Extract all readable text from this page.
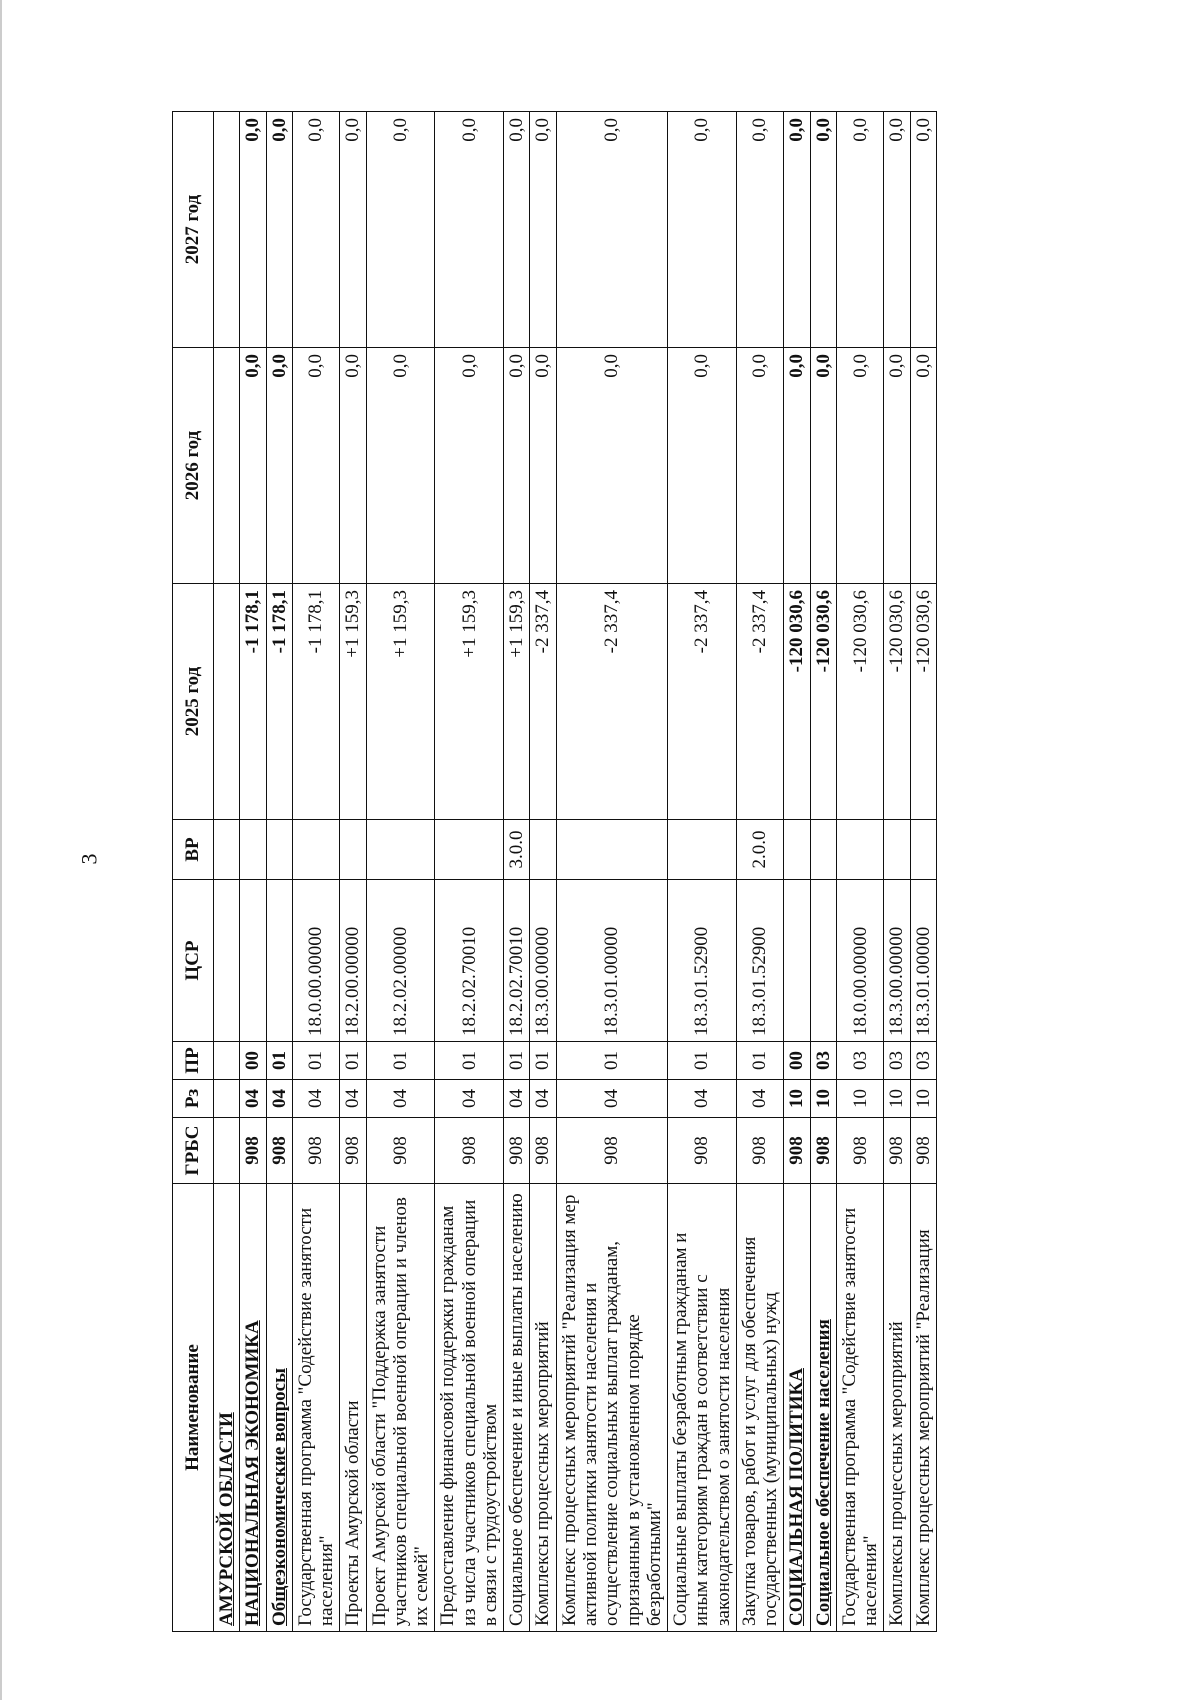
3
Наименование	ГРБС	Рз	ПР	ЦСР	ВР	2025 год	2026 год	2027 год
АМУРСКОЙ ОБЛАСТИ								
НАЦИОНАЛЬНАЯ ЭКОНОМИКА	908	04	00			-1 178,1	0,0	0,0
Общеэкономические вопросы	908	04	01			-1 178,1	0,0	0,0
Государственная программа "Содействие занятости населения"	908	04	01	18.0.00.00000		-1 178,1	0,0	0,0
Проекты Амурской области	908	04	01	18.2.00.00000		+1 159,3	0,0	0,0
Проект Амурской области "Поддержка занятости участников специальной военной операции и членов их семей"	908	04	01	18.2.02.00000		+1 159,3	0,0	0,0
Предоставление финансовой поддержки гражданам из числа участников специальной военной операции в связи с трудоустройством	908	04	01	18.2.02.70010		+1 159,3	0,0	0,0
Социальное обеспечение и иные выплаты населению	908	04	01	18.2.02.70010	3.0.0	+1 159,3	0,0	0,0
Комплексы процессных мероприятий	908	04	01	18.3.00.00000		-2 337,4	0,0	0,0
Комплекс процессных мероприятий "Реализация мер активной политики занятости населения и осуществление социальных выплат гражданам, признанным в установленном порядке безработными"	908	04	01	18.3.01.00000		-2 337,4	0,0	0,0
Социальные выплаты безработным гражданам и иным категориям граждан в соответствии с законодательством о занятости населения	908	04	01	18.3.01.52900		-2 337,4	0,0	0,0
Закупка товаров, работ и услуг для обеспечения государственных (муниципальных) нужд	908	04	01	18.3.01.52900	2.0.0	-2 337,4	0,0	0,0
СОЦИАЛЬНАЯ ПОЛИТИКА	908	10	00			-120 030,6	0,0	0,0
Социальное обеспечение населения	908	10	03			-120 030,6	0,0	0,0
Государственная программа "Содействие занятости населения"	908	10	03	18.0.00.00000		-120 030,6	0,0	0,0
Комплексы процессных мероприятий	908	10	03	18.3.00.00000		-120 030,6	0,0	0,0
Комплекс процессных мероприятий "Реализация	908	10	03	18.3.01.00000		-120 030,6	0,0	0,0
